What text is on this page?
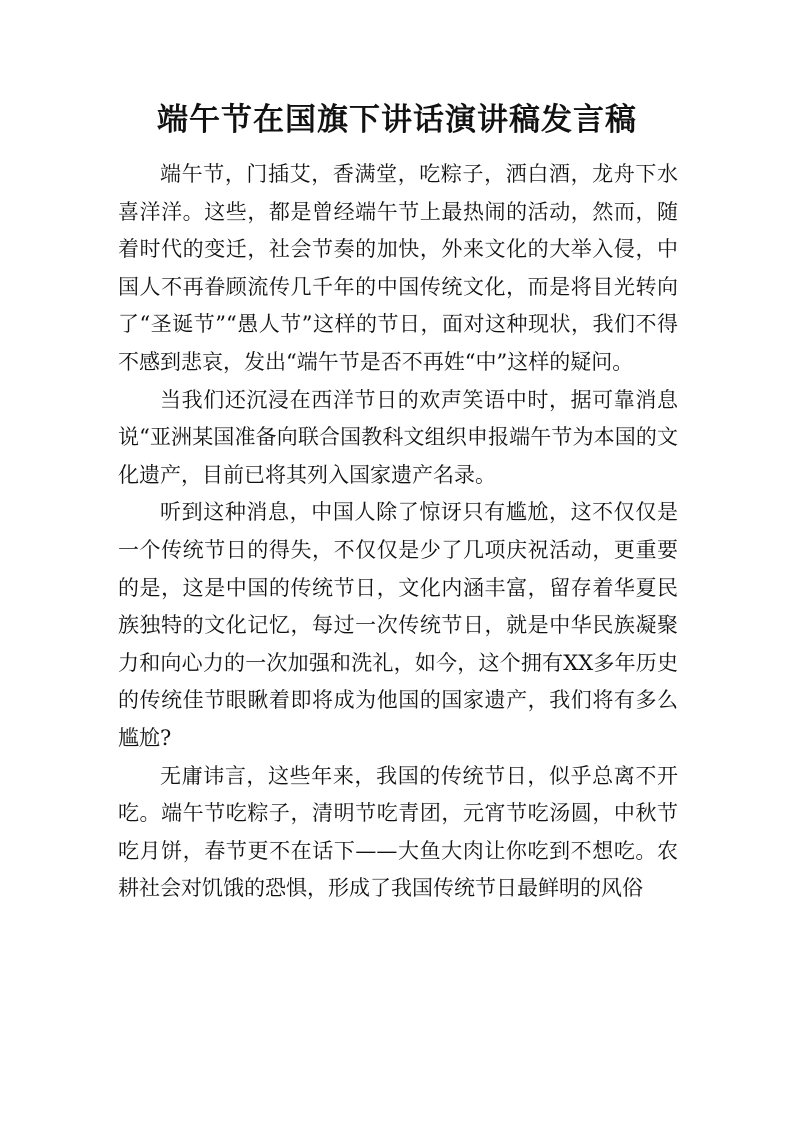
端午节在国旗下讲话演讲稿发言稿

端午节，门插艾，香满堂，吃粽子，洒白酒，龙舟下水喜洋洋。这些，都是曾经端午节上最热闹的活动，然而，随着时代的变迁，社会节奏的加快，外来文化的大举入侵，中国人不再眷顾流传几千年的中国传统文化，而是将目光转向了“圣诞节”“愚人节”这样的节日，面对这种现状，我们不得不感到悲哀，发出“端午节是否不再姓“中”这样的疑问。

当我们还沉浸在西洋节日的欢声笑语中时，据可靠消息说“亚洲某国准备向联合国教科文组织申报端午节为本国的文化遗产，目前已将其列入国家遗产名录。

听到这种消息，中国人除了惊讶只有尴尬，这不仅仅是一个传统节日的得失，不仅仅是少了几项庆祝活动，更重要的是，这是中国的传统节日，文化内涵丰富，留存着华夏民族独特的文化记忆，每过一次传统节日，就是中华民族凝聚力和向心力的一次加强和洗礼，如今，这个拥有XX多年历史的传统佳节眼瞅着即将成为他国的国家遗产，我们将有多么尴尬?

无庸讳言，这些年来，我国的传统节日，似乎总离不开吃。端午节吃粽子，清明节吃青团，元宵节吃汤圆，中秋节吃月饼，春节更不在话下——大鱼大肉让你吃到不想吃。农耕社会对饥饿的恐惧，形成了我国传统节日最鲜明的风俗
